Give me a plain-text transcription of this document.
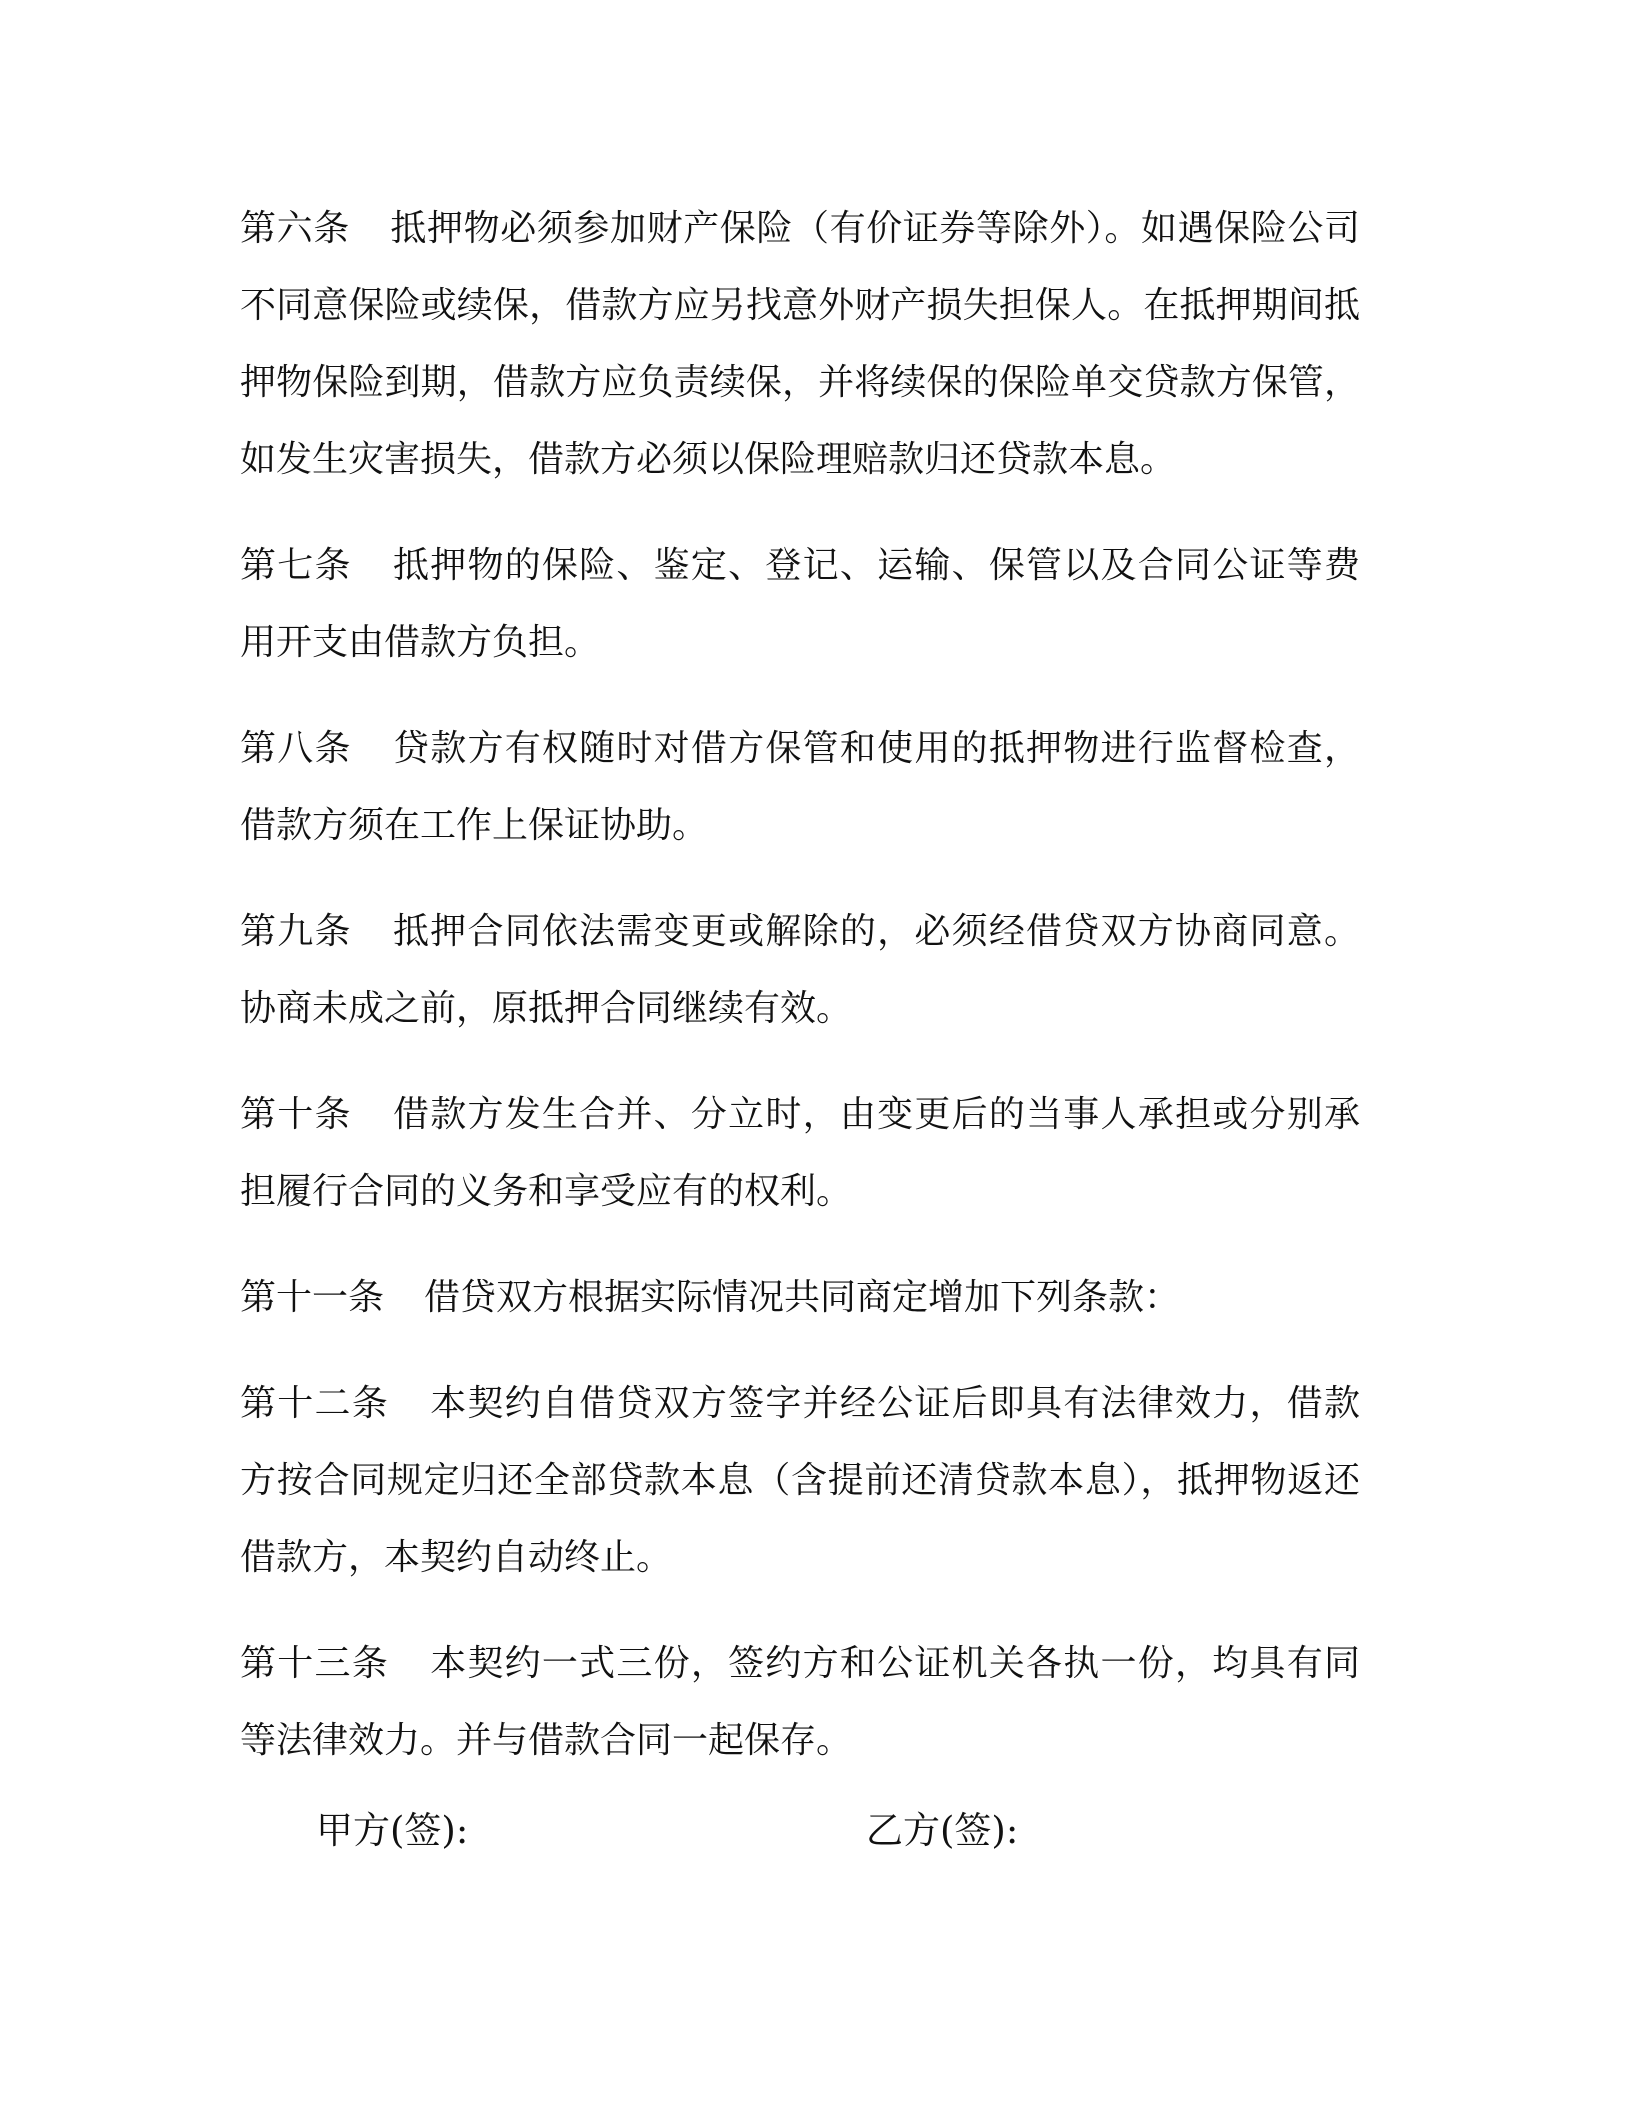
第六条 抵押物必须参加财产保险（有价证券等除外）。如遇保险公司不同意保险或续保，借款方应另找意外财产损失担保人。在抵押期间抵押物保险到期，借款方应负责续保，并将续保的保险单交贷款方保管，如发生灾害损失，借款方必须以保险理赔款归还贷款本息。

第七条 抵押物的保险、鉴定、登记、运输、保管以及合同公证等费用开支由借款方负担。

第八条 贷款方有权随时对借方保管和使用的抵押物进行监督检查，借款方须在工作上保证协助。

第九条 抵押合同依法需变更或解除的，必须经借贷双方协商同意。协商未成之前，原抵押合同继续有效。

第十条 借款方发生合并、分立时，由变更后的当事人承担或分别承担履行合同的义务和享受应有的权利。

第十一条 借贷双方根据实际情况共同商定增加下列条款：

第十二条 本契约自借贷双方签字并经公证后即具有法律效力，借款方按合同规定归还全部贷款本息（含提前还清贷款本息），抵押物返还借款方，本契约自动终止。

第十三条 本契约一式三份，签约方和公证机关各执一份，均具有同等法律效力。并与借款合同一起保存。

甲方(签):	乙方(签):
